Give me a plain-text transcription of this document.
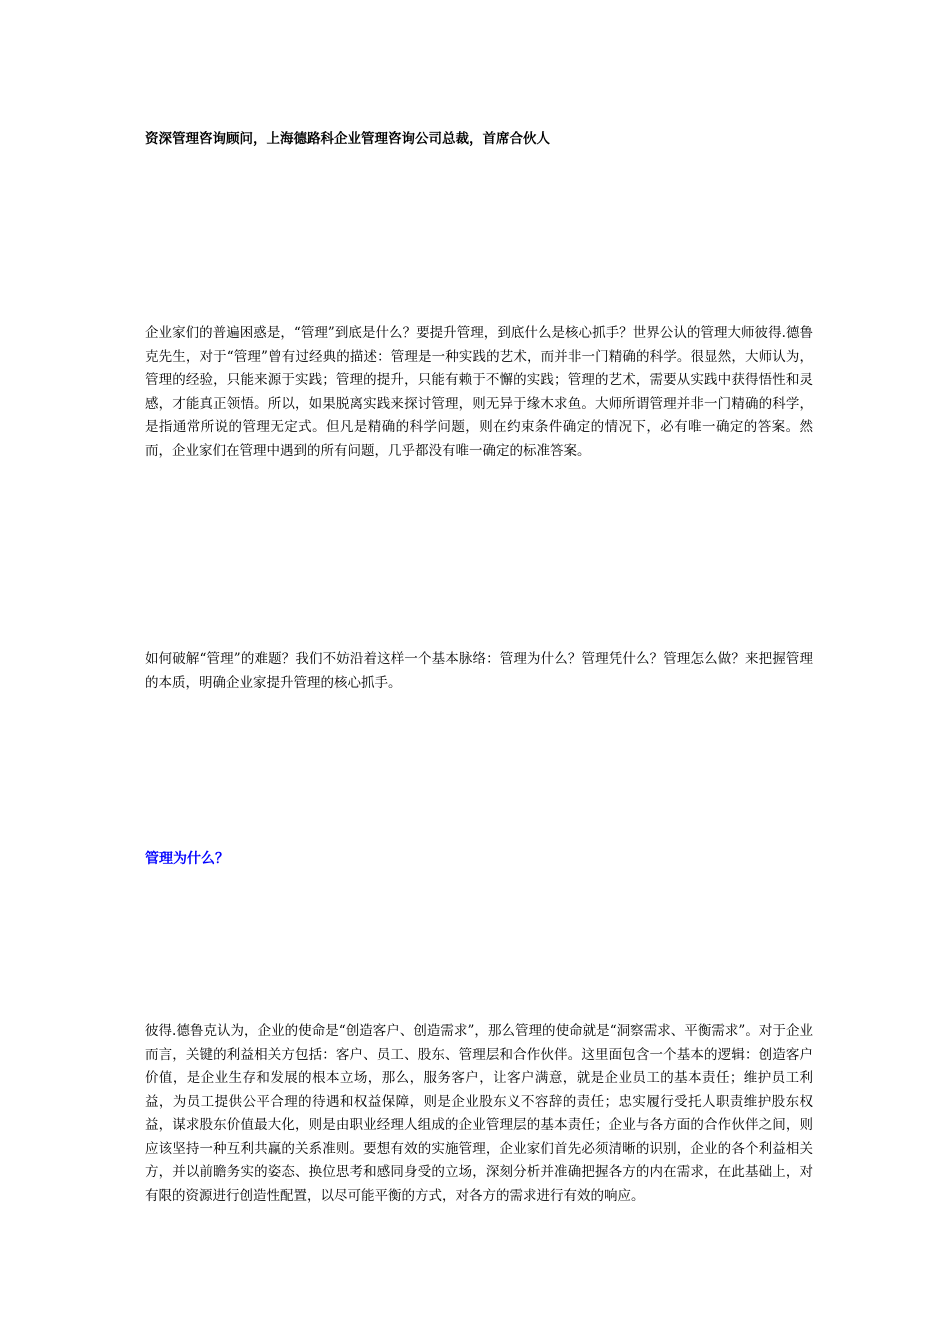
资深管理咨询顾问，上海德路科企业管理咨询公司总裁，首席合伙人
企业家们的普遍困惑是，“管理”到底是什么？要提升管理，到底什么是核心抓手？世界公认的管理大师彼得.德鲁克先生，对于“管理”曾有过经典的描述：管理是一种实践的艺术，而并非一门精确的科学。很显然，大师认为，管理的经验，只能来源于实践；管理的提升，只能有赖于不懈的实践；管理的艺术，需要从实践中获得悟性和灵感，才能真正领悟。所以，如果脱离实践来探讨管理，则无异于缘木求鱼。大师所谓管理并非一门精确的科学，是指通常所说的管理无定式。但凡是精确的科学问题，则在约束条件确定的情况下，必有唯一确定的答案。然而，企业家们在管理中遇到的所有问题，几乎都没有唯一确定的标准答案。
如何破解“管理”的难题？我们不妨沿着这样一个基本脉络：管理为什么？管理凭什么？管理怎么做？来把握管理的本质，明确企业家提升管理的核心抓手。
管理为什么？
彼得.德鲁克认为，企业的使命是“创造客户、创造需求”，那么管理的使命就是“洞察需求、平衡需求”。对于企业而言，关键的利益相关方包括：客户、员工、股东、管理层和合作伙伴。这里面包含一个基本的逻辑：创造客户价值，是企业生存和发展的根本立场，那么，服务客户，让客户满意，就是企业员工的基本责任；维护员工利益，为员工提供公平合理的待遇和权益保障，则是企业股东义不容辞的责任；忠实履行受托人职责维护股东权益，谋求股东价值最大化，则是由职业经理人组成的企业管理层的基本责任；企业与各方面的合作伙伴之间，则应该坚持一种互利共赢的关系准则。要想有效的实施管理，企业家们首先必须清晰的识别，企业的各个利益相关方，并以前瞻务实的姿态、换位思考和感同身受的立场，深刻分析并准确把握各方的内在需求，在此基础上，对有限的资源进行创造性配置，以尽可能平衡的方式，对各方的需求进行有效的响应。
